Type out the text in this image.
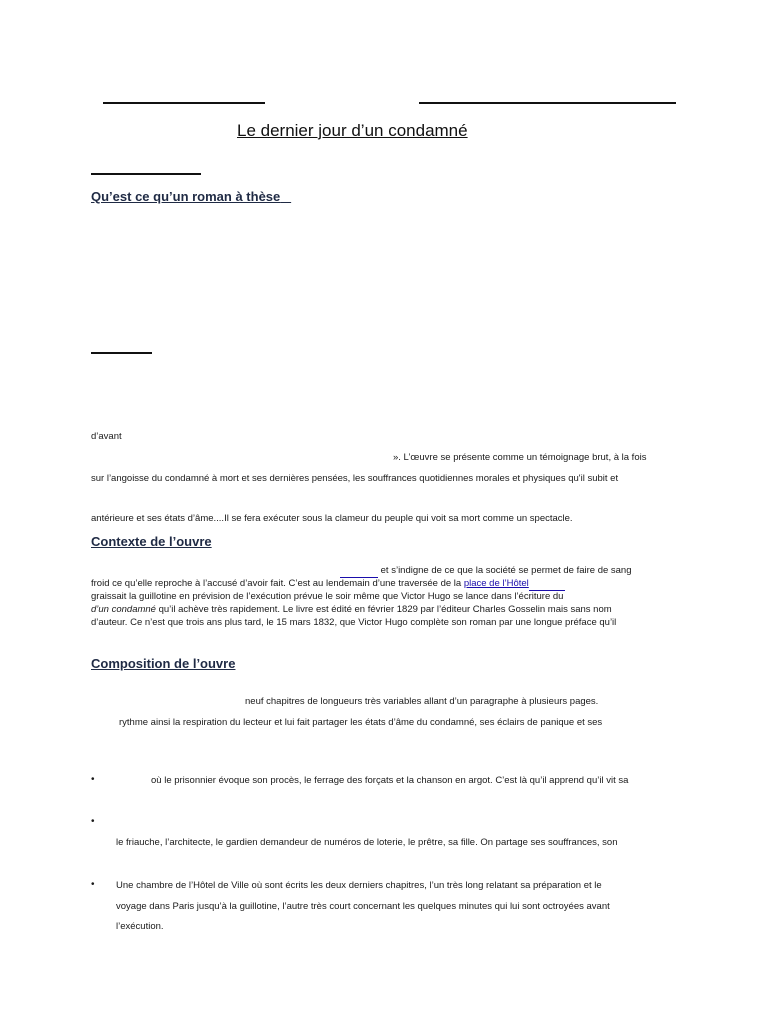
Le dernier jour d’un condamné
Qu’est ce qu’un roman à thèse
d’avant
». L’œuvre se présente comme un témoignage brut, à la fois
sur l’angoisse du condamné à mort et ses dernières pensées, les souffrances quotidiennes morales et physiques qu'il subit et
antérieure et ses états d’âme....Il se fera exécuter sous la clameur du peuple qui voit sa mort comme un spectacle.
Contexte de l’ouvre
et s’indigne de ce que la société se permet de faire de sang
froid ce qu’elle reproche à l’accusé d’avoir fait. C’est au lendemain d’une traversée de la place de l’Hôtel
graissait la guillotine en prévision de l’exécution prévue le soir même que Victor Hugo se lance dans l’écriture du
d’un condamné qu’il achève très rapidement. Le livre est édité en février 1829 par l’éditeur Charles Gosselin mais sans nom
d’auteur. Ce n’est que trois ans plus tard, le 15 mars 1832, que Victor Hugo complète son roman par une longue préface qu’il
Composition de l’ouvre
neuf chapitres de longueurs très variables allant d’un paragraphe à plusieurs pages.
rythme ainsi la respiration du lecteur et lui fait partager les états d’âme du condamné, ses éclairs de panique et ses
•	où le prisonnier évoque son procès, le ferrage des forçats et la chanson en argot. C’est là qu’il apprend qu’il vit sa
•
le friauche, l’architecte, le gardien demandeur de numéros de loterie, le prêtre, sa fille. On partage ses souffrances, son
• Une chambre de l’Hôtel de Ville où sont écrits les deux derniers chapitres, l’un très long relatant sa préparation et le
voyage dans Paris jusqu’à la guillotine, l’autre très court concernant les quelques minutes qui lui sont octroyées avant
l’exécution.
